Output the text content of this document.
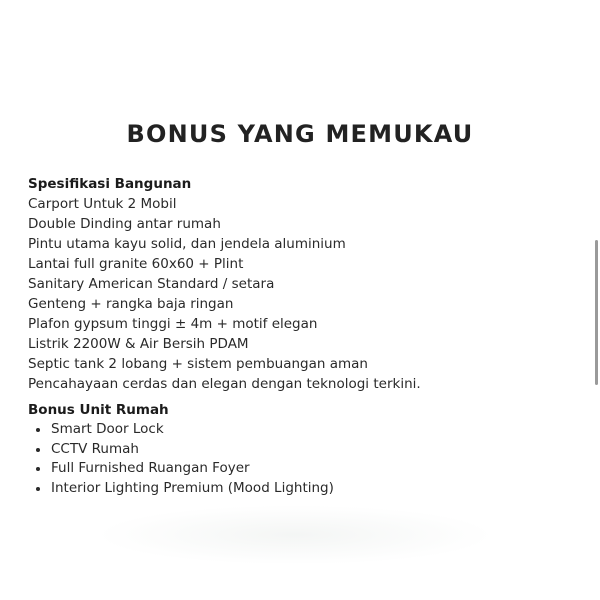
BONUS YANG MEMUKAU
Spesifikasi Bangunan
Carport Untuk 2 Mobil
Double Dinding antar rumah
Pintu utama kayu solid, dan jendela aluminium
Lantai full granite 60x60 + Plint
Sanitary American Standard / setara
Genteng + rangka baja ringan
Plafon gypsum tinggi ± 4m + motif elegan
Listrik 2200W & Air Bersih PDAM
Septic tank 2 lobang + sistem pembuangan aman
Pencahayaan cerdas dan elegan dengan teknologi terkini.
Bonus Unit Rumah
Smart Door Lock
CCTV Rumah
Full Furnished Ruangan Foyer
Interior Lighting Premium (Mood Lighting)
